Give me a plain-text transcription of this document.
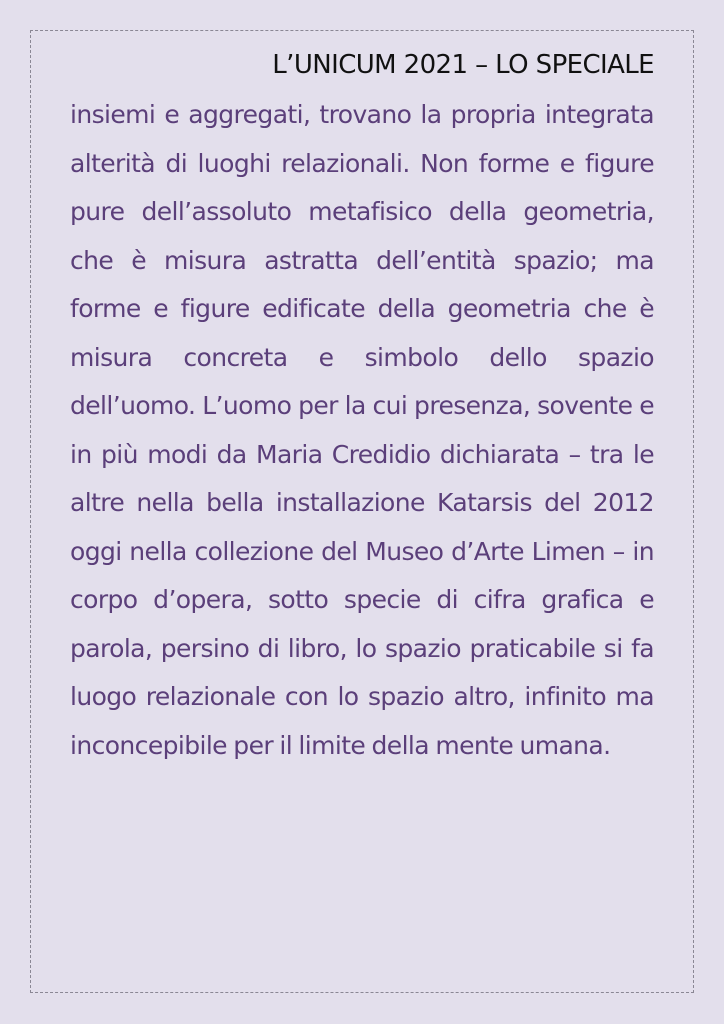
L’UNICUM 2021 – LO SPECIALE

insiemi e aggregati, trovano la propria integrata alterità di luoghi relazionali. Non forme e figure pure dell’assoluto metafisico della geometria, che è misura astratta dell’entità spazio; ma forme e figure edificate della geometria che è misura concreta e simbolo dello spazio dell’uomo. L’uomo per la cui presenza, sovente e in più modi da Maria Credidio dichiarata – tra le altre nella bella installazione Katarsis del 2012 oggi nella collezione del Museo d’Arte Limen – in corpo d’opera, sotto specie di cifra grafica e parola, persino di libro, lo spazio praticabile si fa luogo relazionale con lo spazio altro, infinito ma inconcepibile per il limite della mente umana.
